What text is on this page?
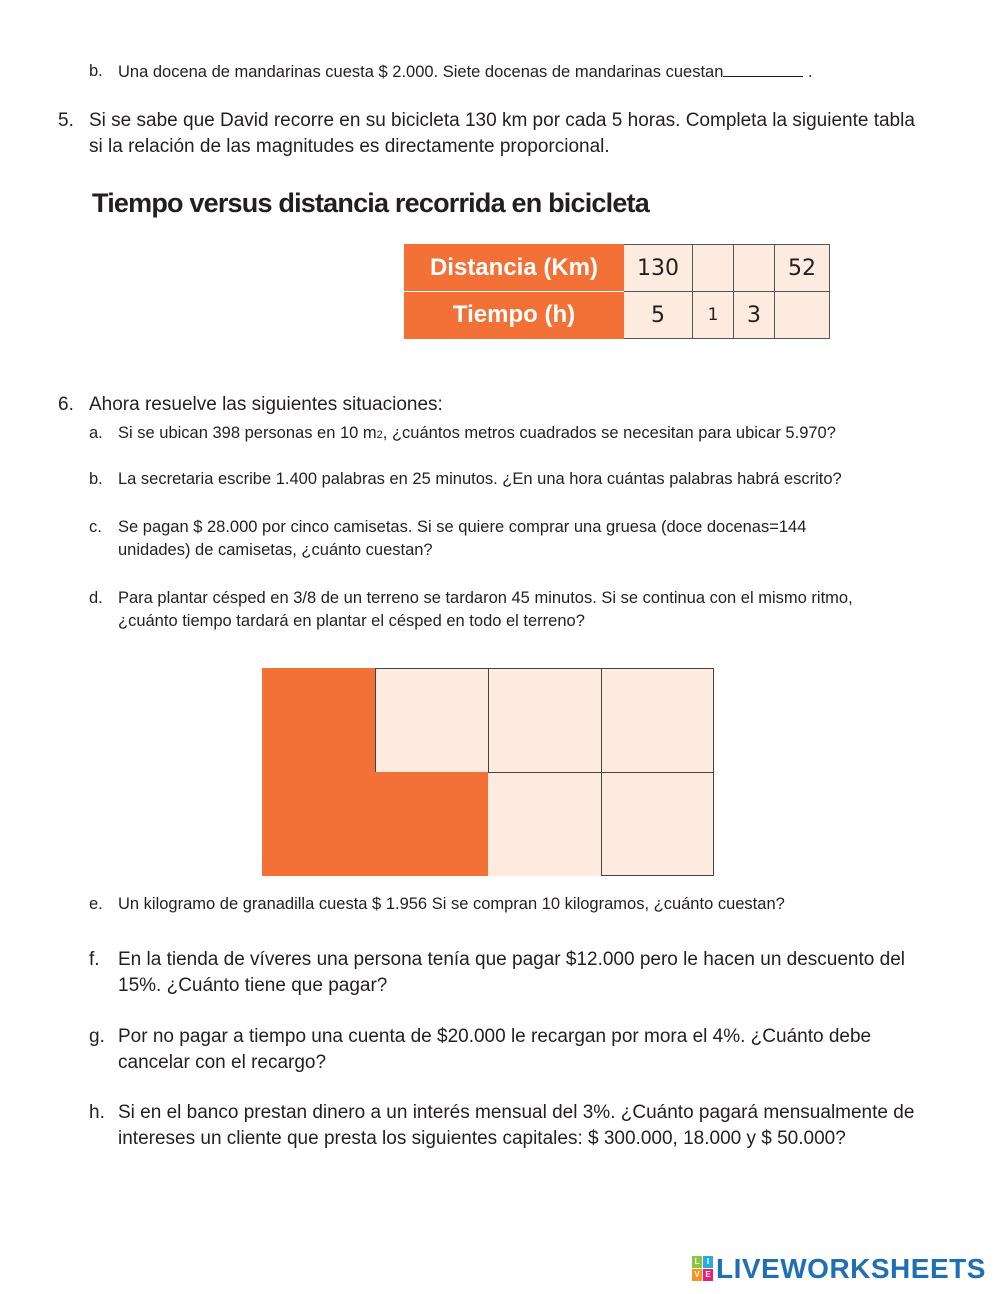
b. Una docena de mandarinas cuesta $ 2.000. Siete docenas de mandarinas cuestan	.
5. Si se sabe que David recorre en su bicicleta 130 km por cada 5 horas. Completa la siguiente tabla
si la relación de las magnitudes es directamente proporcional.
Tiempo versus distancia recorrida en bicicleta
Distancia (Km)	130			52
Tiempo (h)	5	1	3	
6. Ahora resuelve las siguientes situaciones:
a. Si se ubican 398 personas en 10 m2, ¿cuántos metros cuadrados se necesitan para ubicar 5.970?
b. La secretaria escribe 1.400 palabras en 25 minutos. ¿En una hora cuántas palabras habrá escrito?
c. Se pagan $ 28.000 por cinco camisetas. Si se quiere comprar una gruesa (doce docenas=144
unidades) de camisetas, ¿cuánto cuestan?
d. Para plantar césped en 3/8 de un terreno se tardaron 45 minutos. Si se continua con el mismo ritmo,
¿cuánto tiempo tardará en plantar el césped en todo el terreno?
e. Un kilogramo de granadilla cuesta $ 1.956 Si se compran 10 kilogramos, ¿cuánto cuestan?
f. En la tienda de víveres una persona tenía que pagar $12.000 pero le hacen un descuento del
15%. ¿Cuánto tiene que pagar?
g. Por no pagar a tiempo una cuenta de $20.000 le recargan por mora el 4%. ¿Cuánto debe
cancelar con el recargo?
h. Si en el banco prestan dinero a un interés mensual del 3%. ¿Cuánto pagará mensualmente de
intereses un cliente que presta los siguientes capitales: $ 300.000, 18.000 y $ 50.000?
L I
V E LIVEWORKSHEETS
